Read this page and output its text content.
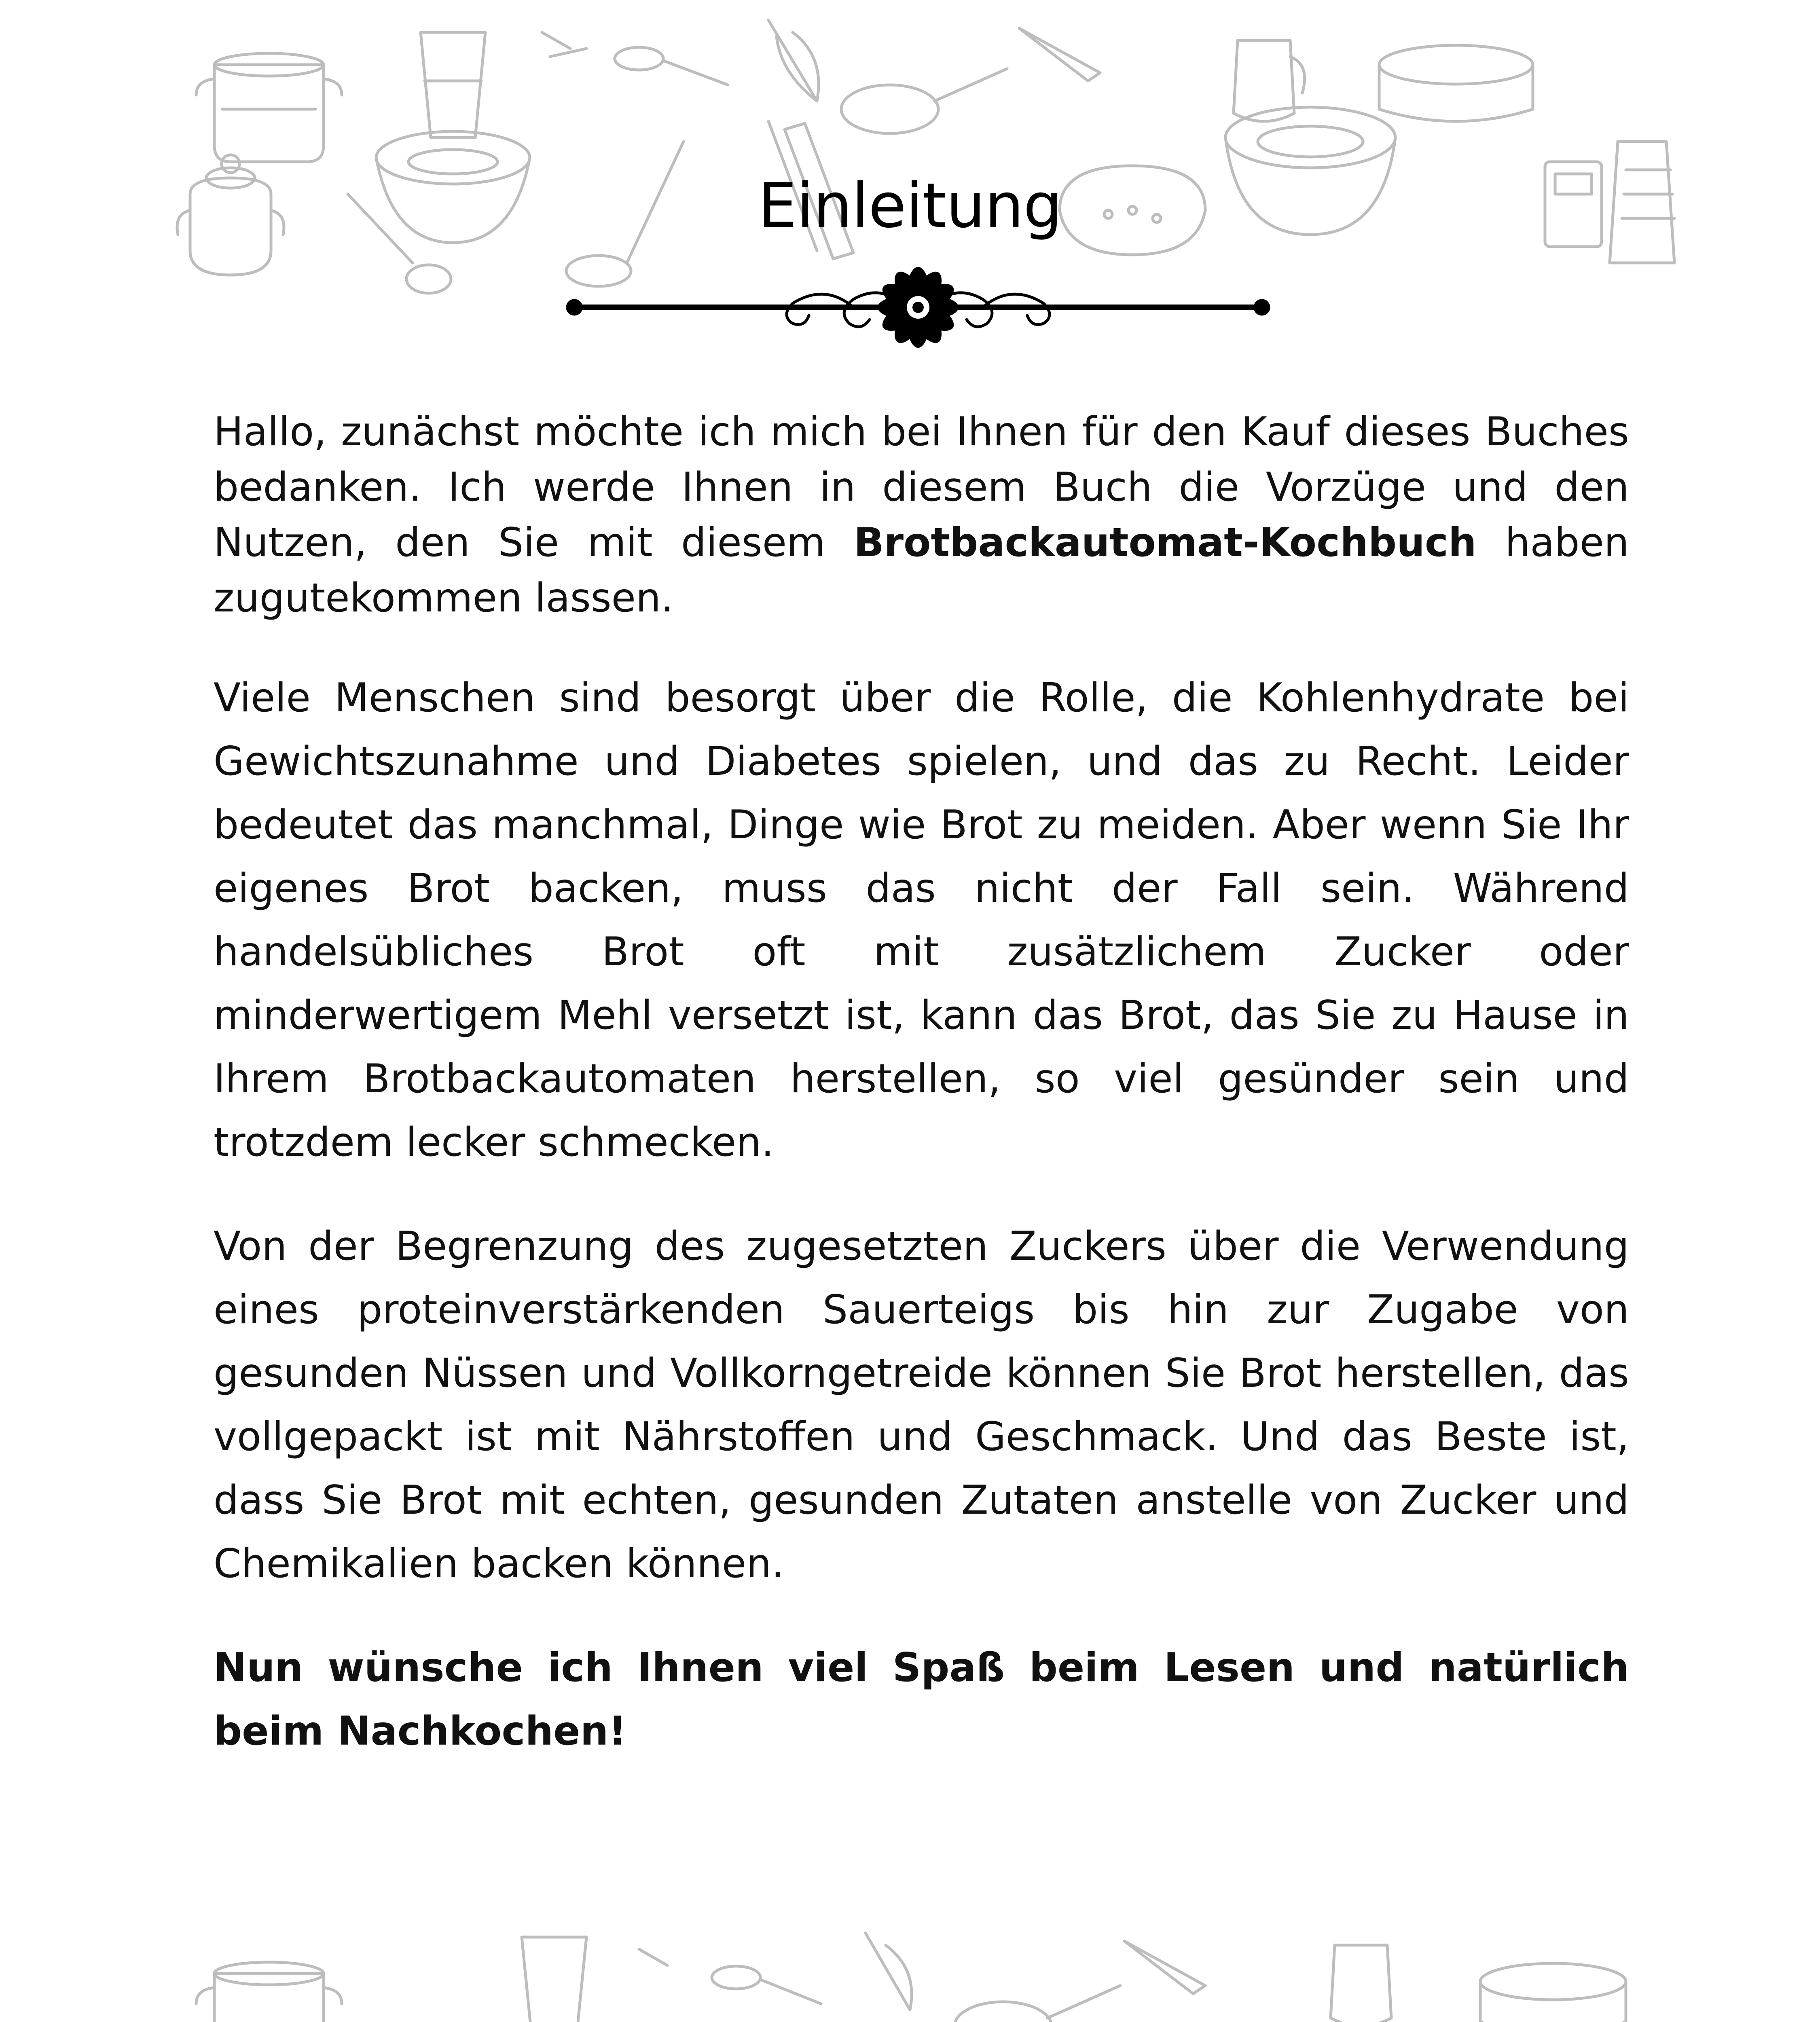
Einleitung

Hallo, zunächst möchte ich mich bei Ihnen für den Kauf dieses Buches bedanken. Ich werde Ihnen in diesem Buch die Vorzüge und den Nutzen, den Sie mit diesem Brotbackautomat-Kochbuch haben zugutekommen lassen.

Viele Menschen sind besorgt über die Rolle, die Kohlenhydrate bei Gewichtszunahme und Diabetes spielen, und das zu Recht. Leider bedeutet das manchmal, Dinge wie Brot zu meiden. Aber wenn Sie Ihr eigenes Brot backen, muss das nicht der Fall sein. Während handelsübliches Brot oft mit zusätzlichem Zucker oder minderwertigem Mehl versetzt ist, kann das Brot, das Sie zu Hause in Ihrem Brotbackautomaten herstellen, so viel gesünder sein und trotzdem lecker schmecken.

Von der Begrenzung des zugesetzten Zuckers über die Verwendung eines proteinverstärkenden Sauerteigs bis hin zur Zugabe von gesunden Nüssen und Vollkorngetreide können Sie Brot herstellen, das vollgepackt ist mit Nährstoffen und Geschmack. Und das Beste ist, dass Sie Brot mit echten, gesunden Zutaten anstelle von Zucker und Chemikalien backen können.

Nun wünsche ich Ihnen viel Spaß beim Lesen und natürlich beim Nachkochen!
